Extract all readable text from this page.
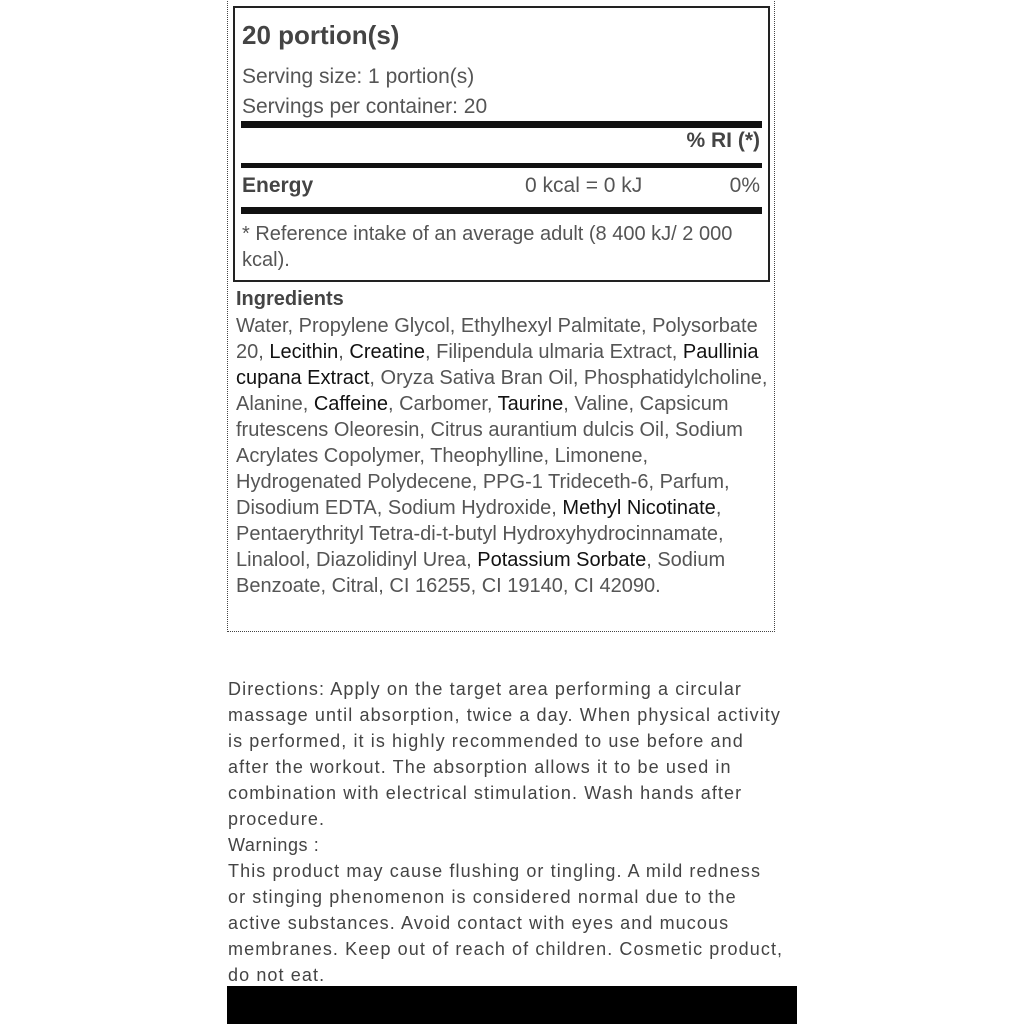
20 portion(s)
Serving size: 1 portion(s)
Servings per container: 20
% RI (*)
Energy	0 kcal = 0 kJ	0%
* Reference intake of an average adult (8 400 kJ/ 2 000 kcal).
Ingredients
Water, Propylene Glycol, Ethylhexyl Palmitate, Polysorbate 20, Lecithin, Creatine, Filipendula ulmaria Extract, Paullinia cupana Extract, Oryza Sativa Bran Oil, Phosphatidylcholine, Alanine, Caffeine, Carbomer, Taurine, Valine, Capsicum frutescens Oleoresin, Citrus aurantium dulcis Oil, Sodium Acrylates Copolymer, Theophylline, Limonene, Hydrogenated Polydecene, PPG-1 Trideceth-6, Parfum, Disodium EDTA, Sodium Hydroxide, Methyl Nicotinate, Pentaerythrityl Tetra-di-t-butyl Hydroxyhydrocinnamate, Linalool, Diazolidinyl Urea, Potassium Sorbate, Sodium Benzoate, Citral, CI 16255, CI 19140, CI 42090.

Directions: Apply on the target area performing a circular massage until absorption, twice a day. When physical activity is performed, it is highly recommended to use before and after the workout. The absorption allows it to be used in combination with electrical stimulation. Wash hands after procedure.

Warnings :

This product may cause flushing or tingling. A mild redness or stinging phenomenon is considered normal due to the active substances. Avoid contact with eyes and mucous membranes. Keep out of reach of children. Cosmetic product, do not eat.
